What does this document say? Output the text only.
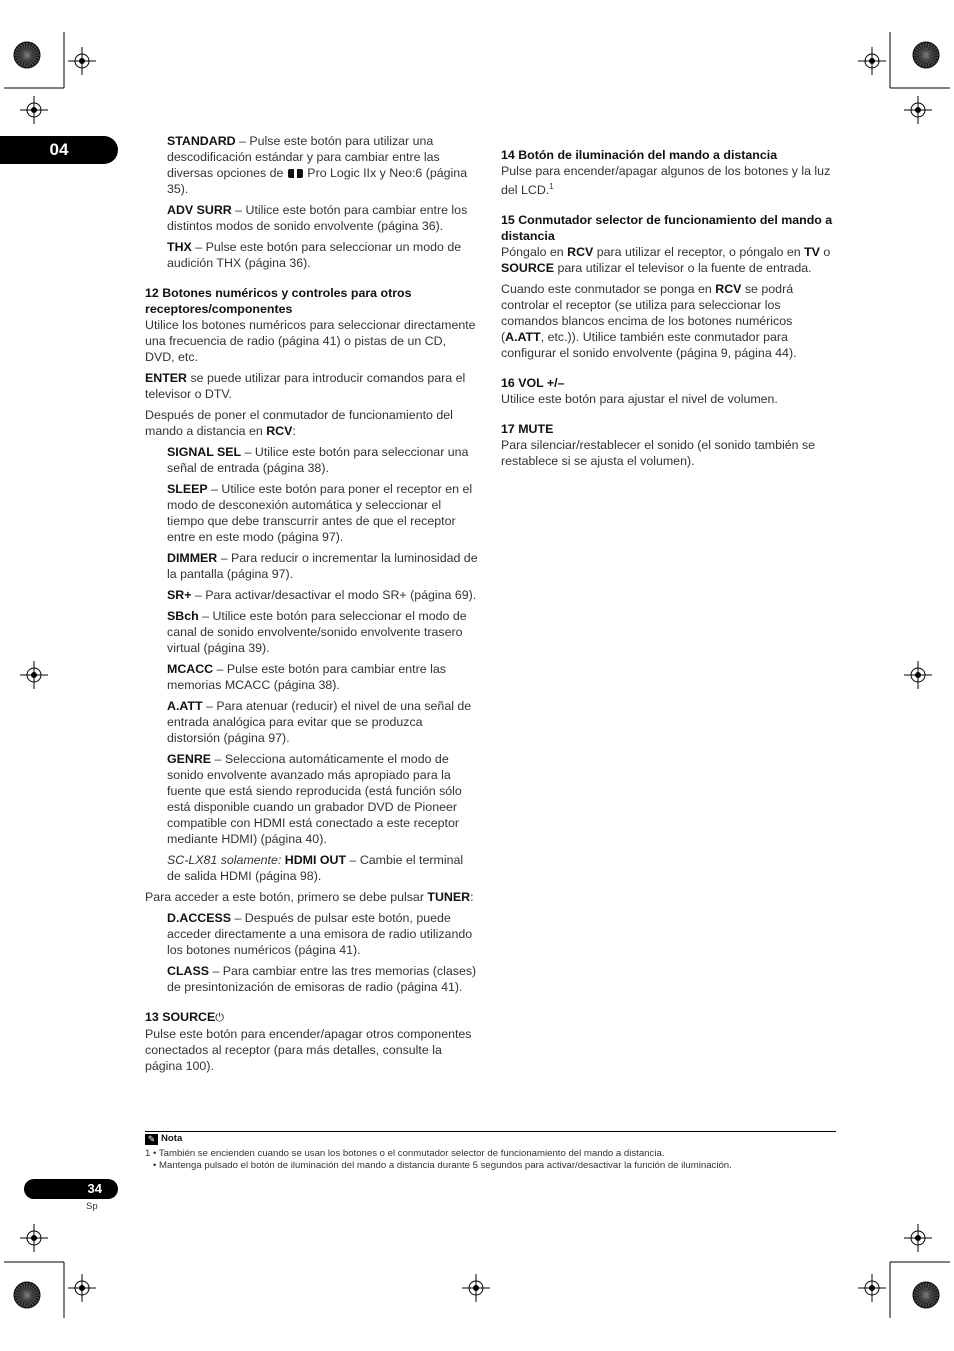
04	STANDARD – Pulse este botón para utilizar una descodificación estándar y para cambiar entre las diversas opciones de
Pro Logic IIx y Neo:6 (página 35).

ADV SURR – Utilice este botón para cambiar entre los distintos modos de sonido envolvente (página 36).

THX – Pulse este botón para seleccionar un modo de audición THX (página 36).

12 Botones numéricos y controles para otros receptores/componentes

Utilice los botones numéricos para seleccionar directamente una frecuencia de radio (página 41) o pistas de un CD, DVD, etc.

ENTER se puede utilizar para introducir comandos para el televisor o DTV.

Después de poner el conmutador de funcionamiento del mando a distancia en RCV:

SIGNAL SEL – Utilice este botón para seleccionar una señal de entrada (página 38).

SLEEP – Utilice este botón para poner el receptor en el modo de desconexión automática y seleccionar el tiempo que debe transcurrir antes de que el receptor entre en este modo (página 97).

DIMMER – Para reducir o incrementar la luminosidad de la pantalla (página 97).

SR+ – Para activar/desactivar el modo SR+ (página 69).

SBch – Utilice este botón para seleccionar el modo de canal de sonido envolvente/sonido envolvente trasero virtual (página 39).

MCACC – Pulse este botón para cambiar entre las memorias MCACC (página 38).

A.ATT – Para atenuar (reducir) el nivel de una señal de entrada analógica para evitar que se produzca distorsión (página 97).

GENRE – Selecciona automáticamente el modo de sonido envolvente avanzado más apropiado para la fuente que está siendo reproducida (está función sólo está disponible cuando un grabador DVD de Pioneer compatible con HDMI está conectado a este receptor mediante HDMI) (página 40).

SC-LX81 solamente: HDMI OUT – Cambie el terminal de salida HDMI (página 98).

Para acceder a este botón, primero se debe pulsar TUNER:

D.ACCESS – Después de pulsar este botón, puede acceder directamente a una emisora de radio utilizando los botones numéricos (página 41).

CLASS – Para cambiar entre las tres memorias (clases) de presintonización de emisoras de radio (página 41).

13 SOURCE⏻

Pulse este botón para encender/apagar otros componentes conectados al receptor (para más detalles, consulte la página 100).

14 Botón de iluminación del mando a distancia

Pulse para encender/apagar algunos de los botones y la luz del LCD.$^1$

15 Conmutador selector de funcionamiento del mando a distancia

Póngalo en RCV para utilizar el receptor, o póngalo en TV o SOURCE para utilizar el televisor o la fuente de entrada.

Cuando este conmutador se ponga en RCV se podrá controlar el receptor (se utiliza para seleccionar los comandos blancos encima de los botones numéricos (A.ATT, etc.)). Utilice también este conmutador para configurar el sonido envolvente (página 9, página 44).

16 VOL +/–

Utilice este botón para ajustar el nivel de volumen.

17 MUTE

Para silenciar/restablecer el sonido (el sonido también se restablece si se ajusta el volumen).

✎ Nota
1 • También se encienden cuando se usan los botones o el conmutador selector de funcionamiento del mando a distancia.
• Mantenga pulsado el botón de iluminación del mando a distancia durante 5 segundos para activar/desactivar la función de iluminación.
34
Sp
